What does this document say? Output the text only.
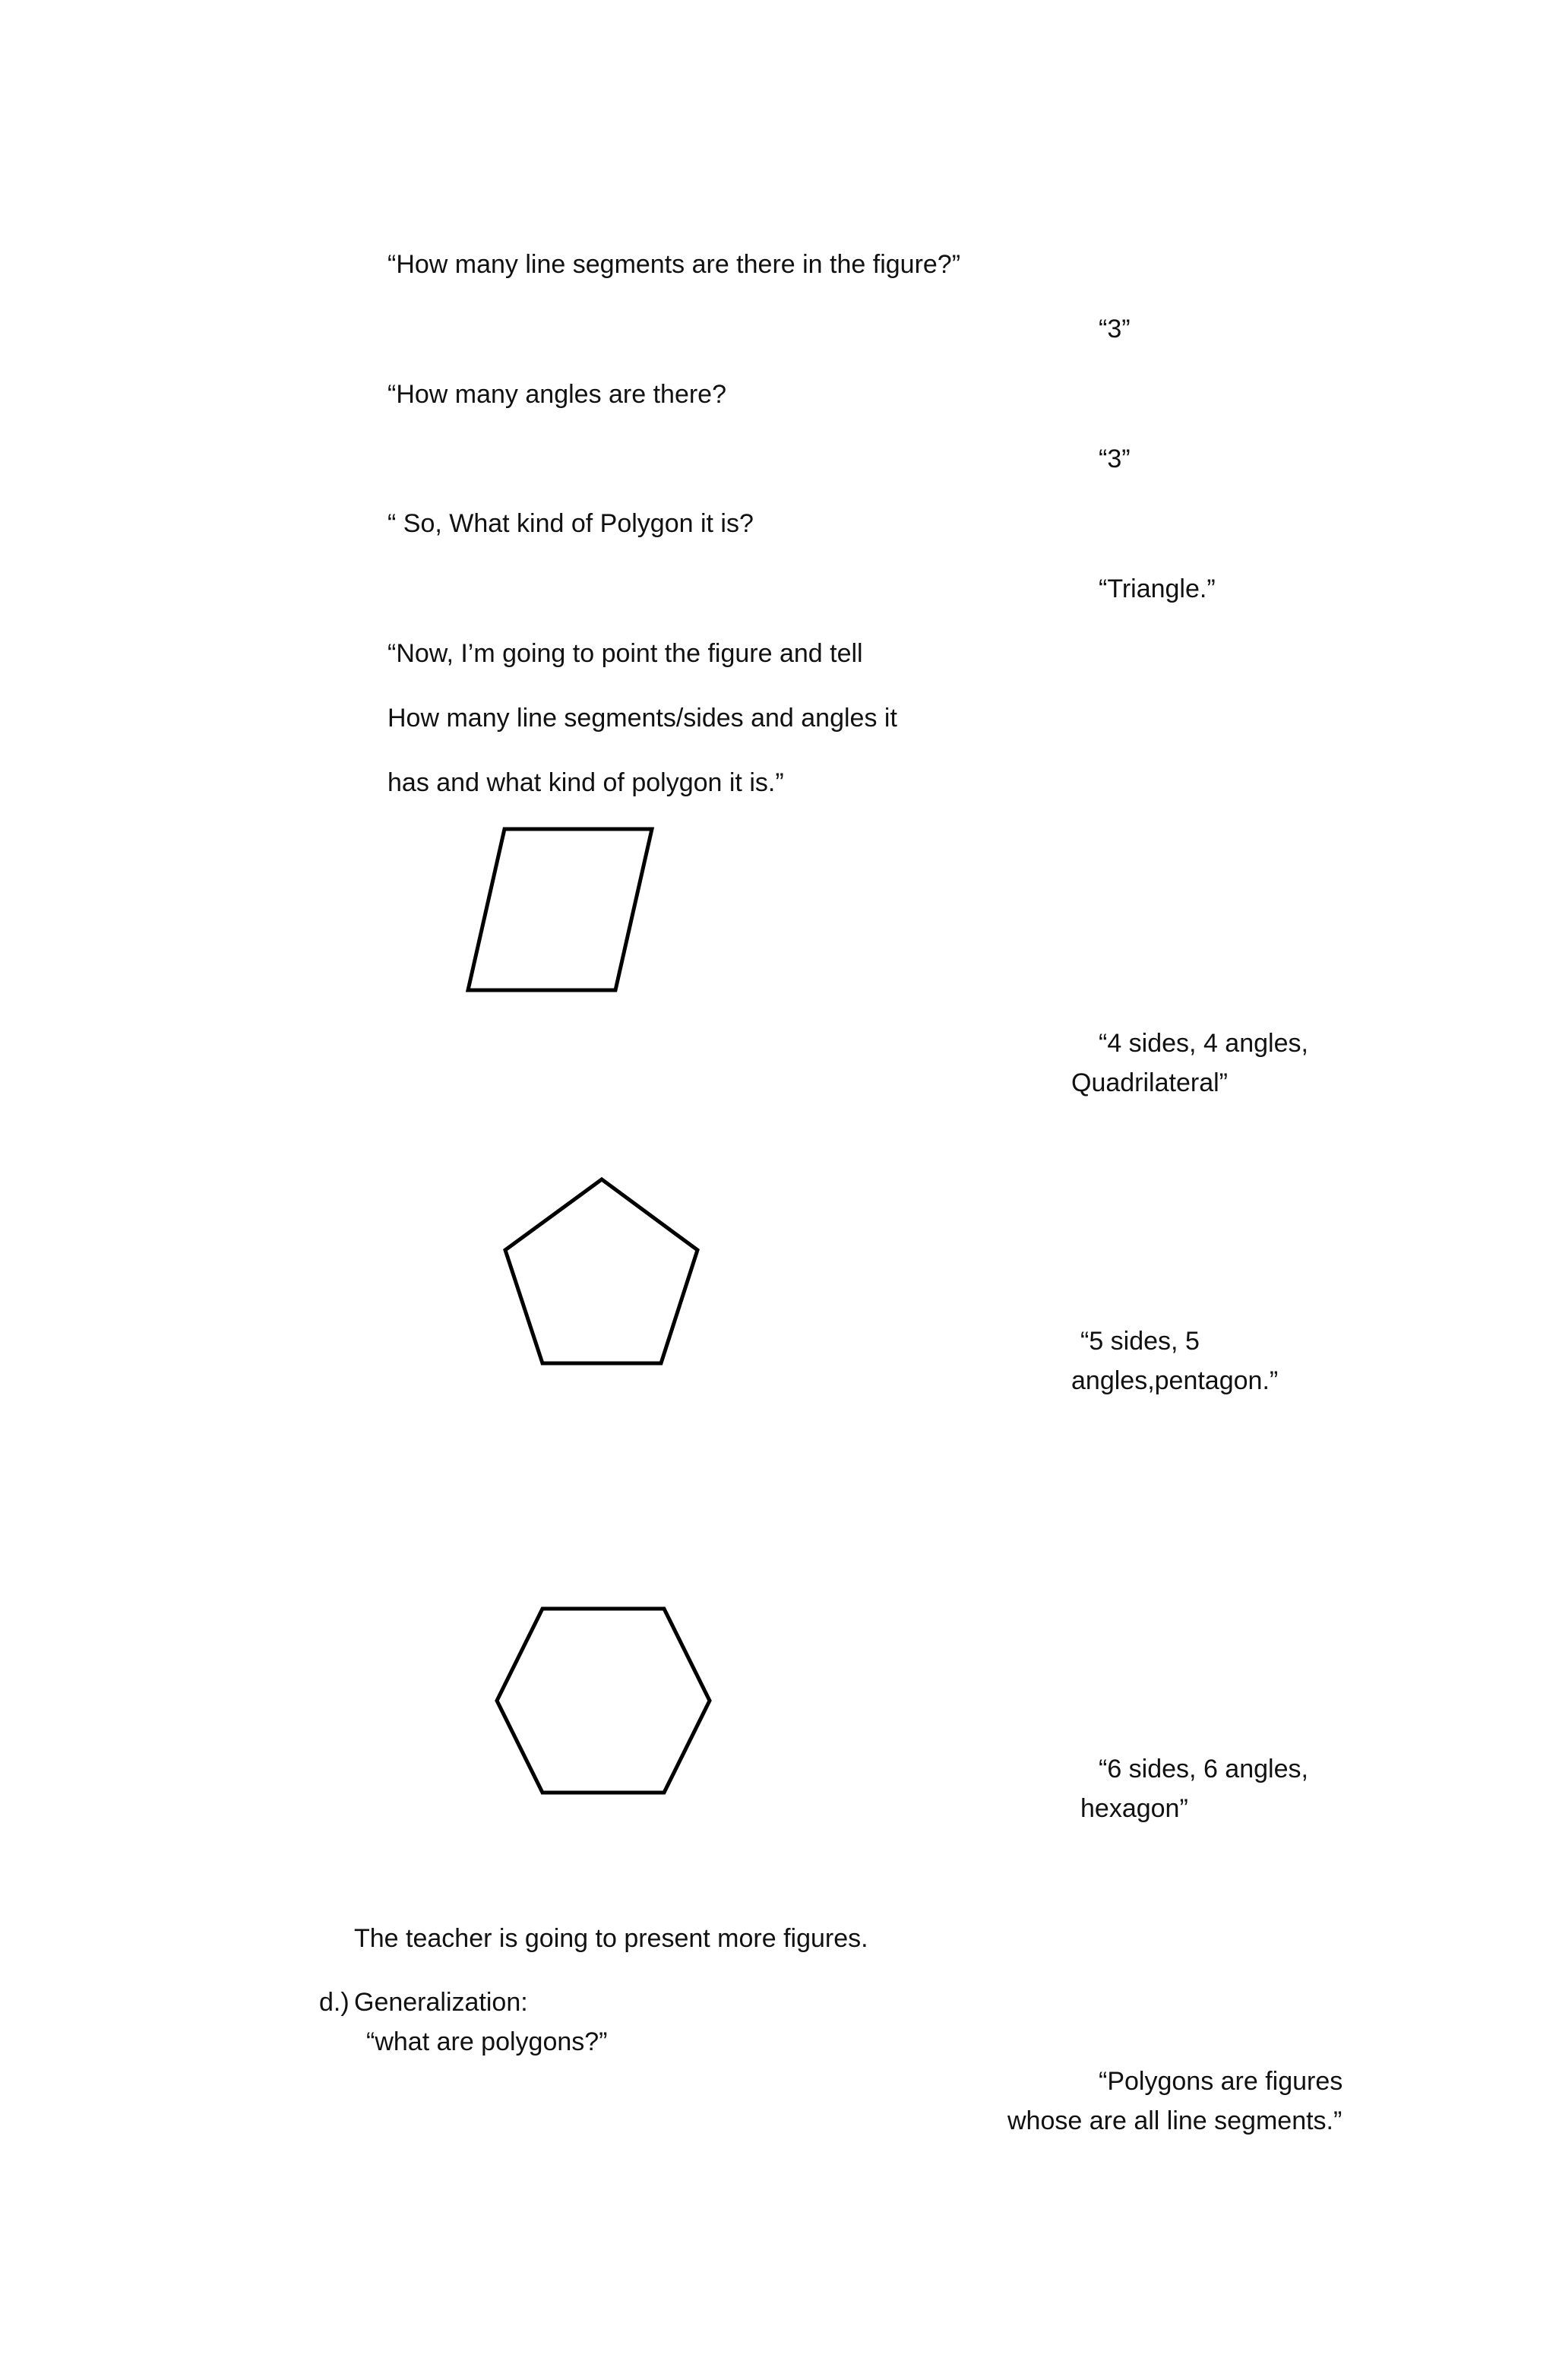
“How many line segments are there in the figure?”

“3”

“How many angles are there?

“3”

“ So, What kind of Polygon it is?

“Triangle.”

“Now, I’m going to point the figure and tell

How many line segments/sides and angles it

has and what kind of polygon it is.”

“4 sides, 4 angles,

Quadrilateral”

“5 sides, 5

angles,pentagon.”

“6 sides, 6 angles,

hexagon”

The teacher is going to present more figures.

d.) Generalization:

“what are polygons?”

“Polygons are figures

whose are all line segments.”
